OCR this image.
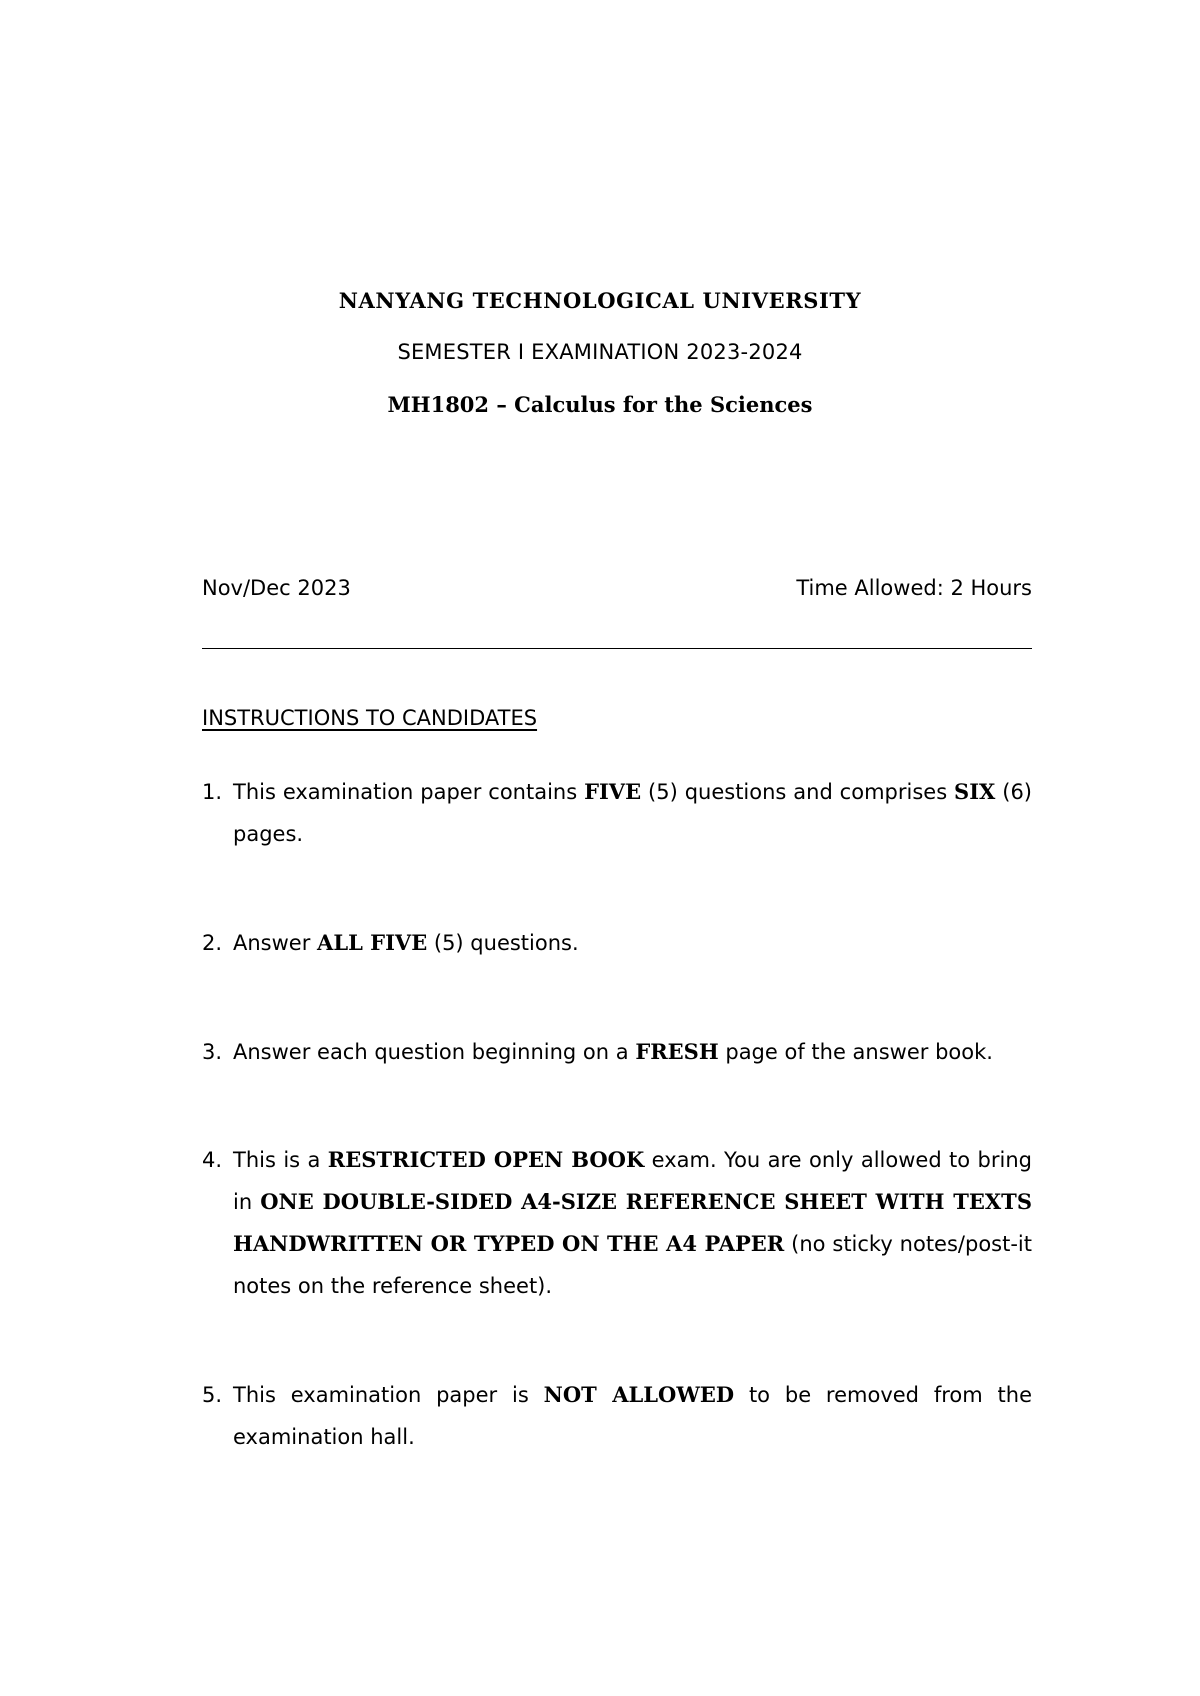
NANYANG TECHNOLOGICAL UNIVERSITY
SEMESTER I EXAMINATION 2023-2024
MH1802 – Calculus for the Sciences
Nov/Dec 2023	Time Allowed: 2 Hours
INSTRUCTIONS TO CANDIDATES
1. This examination paper contains FIVE (5) questions and comprises SIX (6) pages.
2. Answer ALL FIVE (5) questions.
3. Answer each question beginning on a FRESH page of the answer book.
4. This is a RESTRICTED OPEN BOOK exam. You are only allowed to bring in ONE DOUBLE-SIDED A4-SIZE REFERENCE SHEET WITH TEXTS HANDWRITTEN OR TYPED ON THE A4 PAPER (no sticky notes/post-it notes on the reference sheet).
5. This examination paper is NOT ALLOWED to be removed from the examination hall.
